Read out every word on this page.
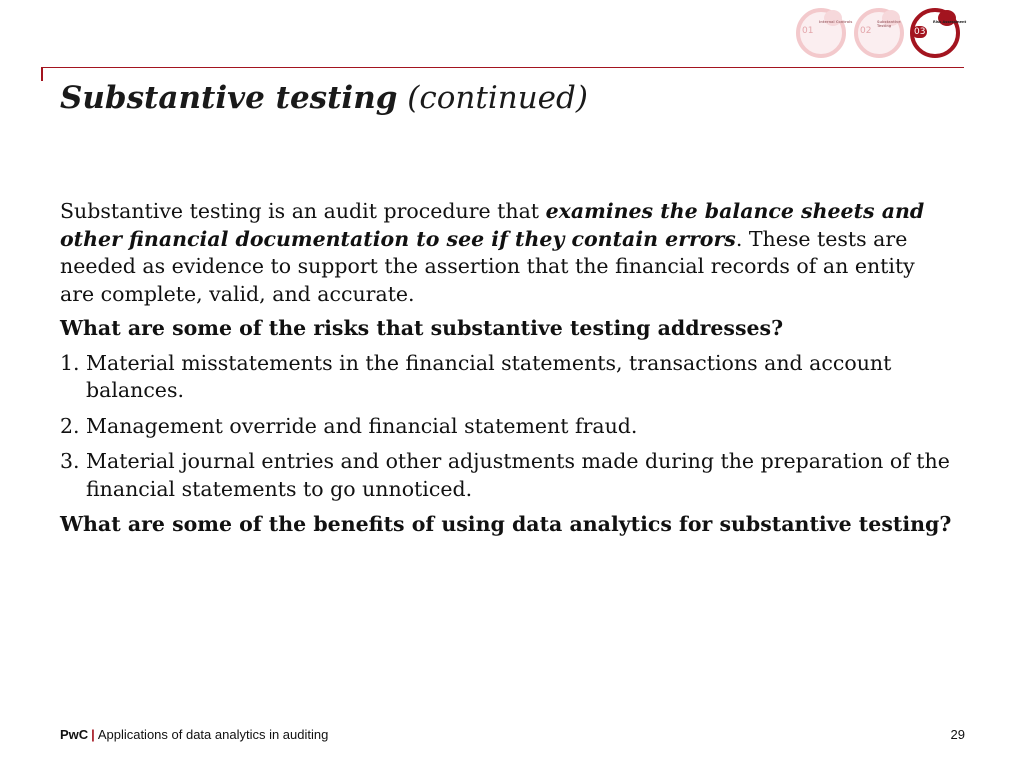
01
Internal Controls
02
Substantive Testing
03
Risk Assessment
Substantive testing (continued)

Substantive testing is an audit procedure that examines the balance sheets and other financial documentation to see if they contain errors. These tests are needed as evidence to support the assertion that the financial records of an entity are complete, valid, and accurate.

What are some of the risks that substantive testing addresses?

1. Material misstatements in the financial statements, transactions and account balances.
2. Management override and financial statement fraud.
3. Material journal entries and other adjustments made during the preparation of the financial statements to go unnoticed.

What are some of the benefits of using data analytics for substantive testing?

PwC | Applications of data analytics in auditing	29
